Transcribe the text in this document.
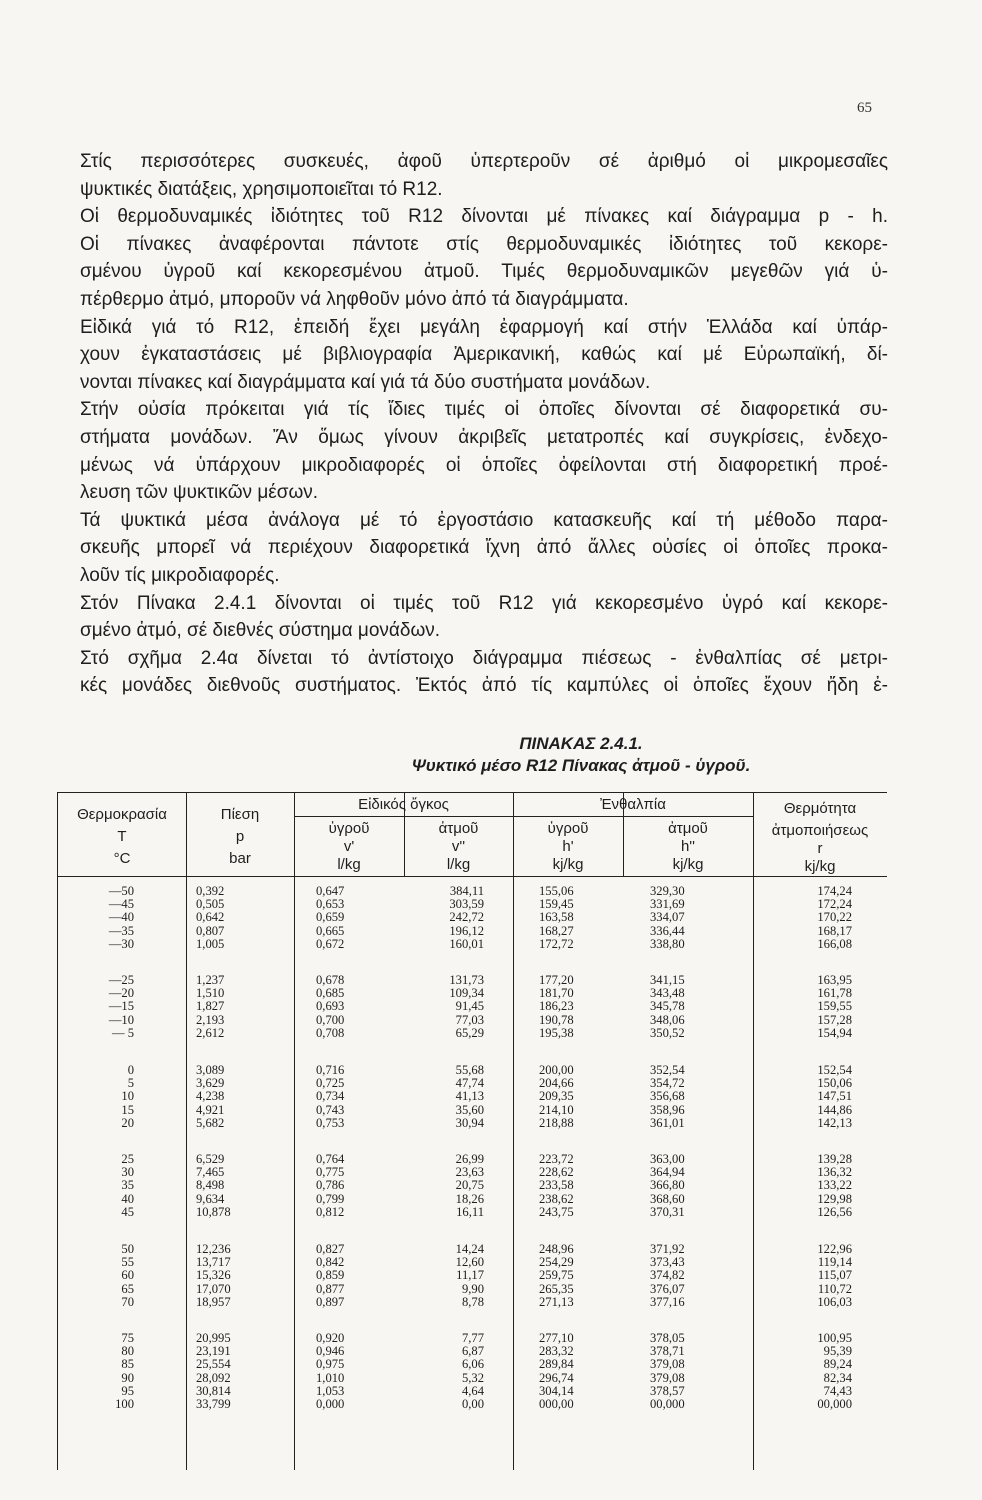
65
Στίς περισσότερες συσκευές, ἀφοῦ ὑπερτεροῦν σέ ἀριθμό οἱ μικρομεσαῖες
ψυκτικές διατάξεις, χρησιμοποιεῖται τό R12.
Οἱ θερμοδυναμικές ἰδιότητες τοῦ R12 δίνονται μέ πίνακες καί διάγραμμα p - h.
Οἱ πίνακες ἀναφέρονται πάντοτε στίς θερμοδυναμικές ἰδιότητες τοῦ κεκορε-
σμένου ὑγροῦ καί κεκορεσμένου ἀτμοῦ. Τιμές θερμοδυναμικῶν μεγεθῶν γιά ὑ-
πέρθερμο ἀτμό, μποροῦν νά ληφθοῦν μόνο ἀπό τά διαγράμματα.
Εἰδικά γιά τό R12, ἐπειδή ἔχει μεγάλη ἐφαρμογή καί στήν Ἑλλάδα καί ὑπάρ-
χουν ἐγκαταστάσεις μέ βιβλιογραφία Ἀμερικανική, καθώς καί μέ Εὐρωπαϊκή, δί-
νονται πίνακες καί διαγράμματα καί γιά τά δύο συστήματα μονάδων.
Στήν οὐσία πρόκειται γιά τίς ἴδιες τιμές οἱ ὁποῖες δίνονται σέ διαφορετικά συ-
στήματα μονάδων. Ἄν ὅμως γίνουν ἀκριβεῖς μετατροπές καί συγκρίσεις, ἐνδεχο-
μένως νά ὑπάρχουν μικροδιαφορές οἱ ὁποῖες ὀφείλονται στή διαφορετική προέ-
λευση τῶν ψυκτικῶν μέσων.
Τά ψυκτικά μέσα ἀνάλογα μέ τό ἐργοστάσιο κατασκευῆς καί τή μέθοδο παρα-
σκευῆς μπορεῖ νά περιέχουν διαφορετικά ἴχνη ἀπό ἄλλες οὐσίες οἱ ὁποῖες προκα-
λοῦν τίς μικροδιαφορές.
Στόν Πίνακα 2.4.1 δίνονται οἱ τιμές τοῦ R12 γιά κεκορεσμένο ὑγρό καί κεκορε-
σμένο ἀτμό, σέ διεθνές σύστημα μονάδων.
Στό σχῆμα 2.4α δίνεται τό ἀντίστοιχο διάγραμμα πιέσεως - ἐνθαλπίας σέ μετρι-
κές μονάδες διεθνοῦς συστήματος. Ἐκτός ἀπό τίς καμπύλες οἱ ὁποῖες ἔχουν ἤδη ἐ-
ΠΙΝΑΚΑΣ 2.4.1.
Ψυκτικό μέσο R12 Πίνακας ἀτμοῦ - ὑγροῦ.
Θερμοκρασία
T
°C
Πίεση
p
bar
Εἰδικός ὄγκος
ὑγροῦ
v'
l/kg
ἀτμοῦ
v''
l/kg
Ἐνθαλπία
ὑγροῦ
h'
kj/kg
ἀτμοῦ
h''
kj/kg
Θερμότητα
ἀτμοποιήσεως
r
kj/kg
—50
—45
—40
—35
—30
0,392
0,505
0,642
0,807
1,005
0,647
0,653
0,659
0,665
0,672
384,11
303,59
242,72
196,12
160,01
155,06
159,45
163,58
168,27
172,72
329,30
331,69
334,07
336,44
338,80
174,24
172,24
170,22
168,17
166,08
—25
—20
—15
—10
— 5
1,237
1,510
1,827
2,193
2,612
0,678
0,685
0,693
0,700
0,708
131,73
109,34
91,45
77,03
65,29
177,20
181,70
186,23
190,78
195,38
341,15
343,48
345,78
348,06
350,52
163,95
161,78
159,55
157,28
154,94
0
5
10
15
20
3,089
3,629
4,238
4,921
5,682
0,716
0,725
0,734
0,743
0,753
55,68
47,74
41,13
35,60
30,94
200,00
204,66
209,35
214,10
218,88
352,54
354,72
356,68
358,96
361,01
152,54
150,06
147,51
144,86
142,13
25
30
35
40
45
6,529
7,465
8,498
9,634
10,878
0,764
0,775
0,786
0,799
0,812
26,99
23,63
20,75
18,26
16,11
223,72
228,62
233,58
238,62
243,75
363,00
364,94
366,80
368,60
370,31
139,28
136,32
133,22
129,98
126,56
50
55
60
65
70
12,236
13,717
15,326
17,070
18,957
0,827
0,842
0,859
0,877
0,897
14,24
12,60
11,17
9,90
8,78
248,96
254,29
259,75
265,35
271,13
371,92
373,43
374,82
376,07
377,16
122,96
119,14
115,07
110,72
106,03
75
80
85
90
95
100
20,995
23,191
25,554
28,092
30,814
33,799
0,920
0,946
0,975
1,010
1,053
0,000
7,77
6,87
6,06
5,32
4,64
0,00
277,10
283,32
289,84
296,74
304,14
000,00
378,05
378,71
379,08
379,08
378,57
00,000
100,95
95,39
89,24
82,34
74,43
00,000
